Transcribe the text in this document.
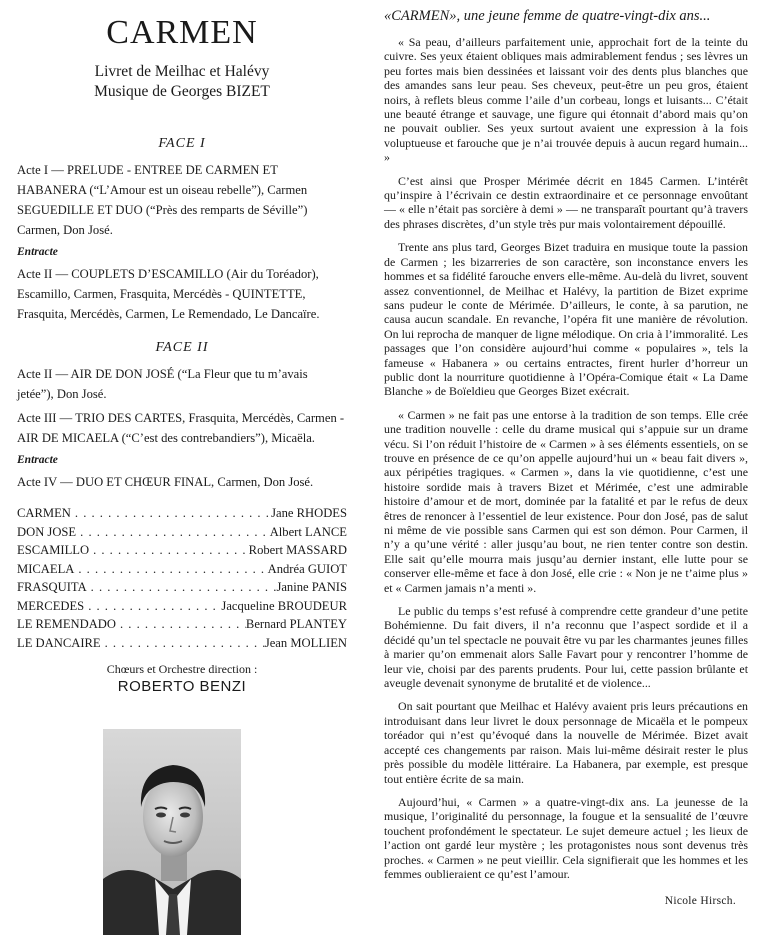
CARMEN
Livret de Meilhac et Halévy
Musique de Georges BIZET
FACE I

Acte I — PRELUDE - ENTREE DE CARMEN ET HABANERA (“L’Amour est un oiseau rebelle”), Carmen SEGUEDILLE ET DUO (“Près des remparts de Séville”) Carmen, Don José.

Entracte

Acte II — COUPLETS D’ESCAMILLO (Air du Toréador), Escamillo, Carmen, Frasquita, Mercédès - QUINTETTE, Frasquita, Mercédès, Carmen, Le Remendado, Le Dancaïre.

FACE II

Acte II — AIR DE DON JOSÉ (“La Fleur que tu m’avais jetée”), Don José.

Acte III — TRIO DES CARTES, Frasquita, Mercédès, Carmen - AIR DE MICAELA (“C’est des contrebandiers”), Micaëla.

Entracte

Acte IV — DUO ET CHŒUR FINAL, Carmen, Don José.

CARMEN . . .	Jane RHODES
DON JOSE . . .	Albert LANCE
ESCAMILLO . . .	Robert MASSARD
MICAELA . . .	Andréa GUIOT
FRASQUITA . . .	Janine PANIS
MERCEDES . . .	Jacqueline BROUDEUR
LE REMENDADO . . .	Bernard PLANTEY
LE DANCAIRE . . .	Jean MOLLIEN
Chœurs et Orchestre direction :
ROBERTO BENZI
«CARMEN», une jeune femme de quatre-vingt-dix ans...

« Sa peau, d’ailleurs parfaitement unie, approchait fort de la teinte du cuivre. Ses yeux étaient obliques mais admirablement fendus ; ses lèvres un peu fortes mais bien dessinées et laissant voir des dents plus blanches que des amandes sans leur peau. Ses cheveux, peut-être un peu gros, étaient noirs, à reflets bleus comme l’aile d’un corbeau, longs et luisants... C’était une beauté étrange et sauvage, une figure qui étonnait d’abord mais qu’on ne pouvait oublier. Ses yeux surtout avaient une expression à la fois voluptueuse et farouche que je n’ai trouvée depuis à aucun regard humain... »

C’est ainsi que Prosper Mérimée décrit en 1845 Carmen. L’intérêt qu’inspire à l’écrivain ce destin extraordinaire et ce personnage envoûtant — « elle n’était pas sorcière à demi » — ne transparaît pourtant qu’à travers des phrases discrètes, d’un style très pur mais volontairement dépouillé.

Trente ans plus tard, Georges Bizet traduira en musique toute la passion de Carmen ; les bizarreries de son caractère, son inconstance envers les hommes et sa fidélité farouche envers elle-même. Au-delà du livret, souvent assez conventionnel, de Meilhac et Halévy, la partition de Bizet exprime sans pudeur le conte de Mérimée. D’ailleurs, le conte, à sa parution, ne causa aucun scandale. En revanche, l’opéra fit une manière de révolution. On lui reprocha de manquer de ligne mélodique. On cria à l’immoralité. Les passages que l’on considère aujourd’hui comme « populaires », tels la fameuse « Habanera » ou certains entractes, firent hurler d’horreur un public dont la nourriture quotidienne à l’Opéra-Comique était « La Dame Blanche » de Boïeldieu que Georges Bizet exécrait.

« Carmen » ne fait pas une entorse à la tradition de son temps. Elle crée une tradition nouvelle : celle du drame musical qui s’appuie sur un drame vécu. Si l’on réduit l’histoire de « Carmen » à ses éléments essentiels, on se trouve en présence de ce qu’on appelle aujourd’hui un « beau fait divers », aux péripéties tragiques. « Carmen », dans la vie quotidienne, c’est une histoire sordide mais à travers Bizet et Mérimée, c’est une admirable histoire d’amour et de mort, dominée par la fatalité et par le refus de deux êtres de renoncer à l’essentiel de leur existence. Pour don José, pas de salut ni même de vie possible sans Carmen qui est son démon. Pour Carmen, il n’y a qu’une vérité : aller jusqu’au bout, ne rien tenter contre son destin. Elle sait qu’elle mourra mais jusqu’au dernier instant, elle lutte pour se conserver elle-même et face à don José, elle crie : « Non je ne t’aime plus » et « Carmen jamais n’a menti ».

Le public du temps s’est refusé à comprendre cette grandeur d’une petite Bohémienne. Du fait divers, il n’a reconnu que l’aspect sordide et il a décidé qu’un tel spectacle ne pouvait être vu par les charmantes jeunes filles à marier qu’on emmenait alors Salle Favart pour y rencontrer l’homme de leur vie, choisi par des parents prudents. Pour lui, cette passion brûlante et aveugle devenait synonyme de brutalité et de violence...

On sait pourtant que Meilhac et Halévy avaient pris leurs précautions en introduisant dans leur livret le doux personnage de Micaëla et le pompeux toréador qui n’est qu’évoqué dans la nouvelle de Mérimée. Bizet avait accepté ces changements par raison. Mais lui-même désirait rester le plus près possible du modèle littéraire. La Habanera, par exemple, est presque tout entière écrite de sa main.

Aujourd’hui, « Carmen » a quatre-vingt-dix ans. La jeunesse de la musique, l’originalité du personnage, la fougue et la sensualité de l’œuvre touchent profondément le spectateur. Le sujet demeure actuel ; les lieux de l’action ont gardé leur mystère ; les protagonistes nous sont devenus très proches. « Carmen » ne peut vieillir. Cela signifierait que les hommes et les femmes oublieraient ce qu’est l’amour.

Nicole Hirsch.
